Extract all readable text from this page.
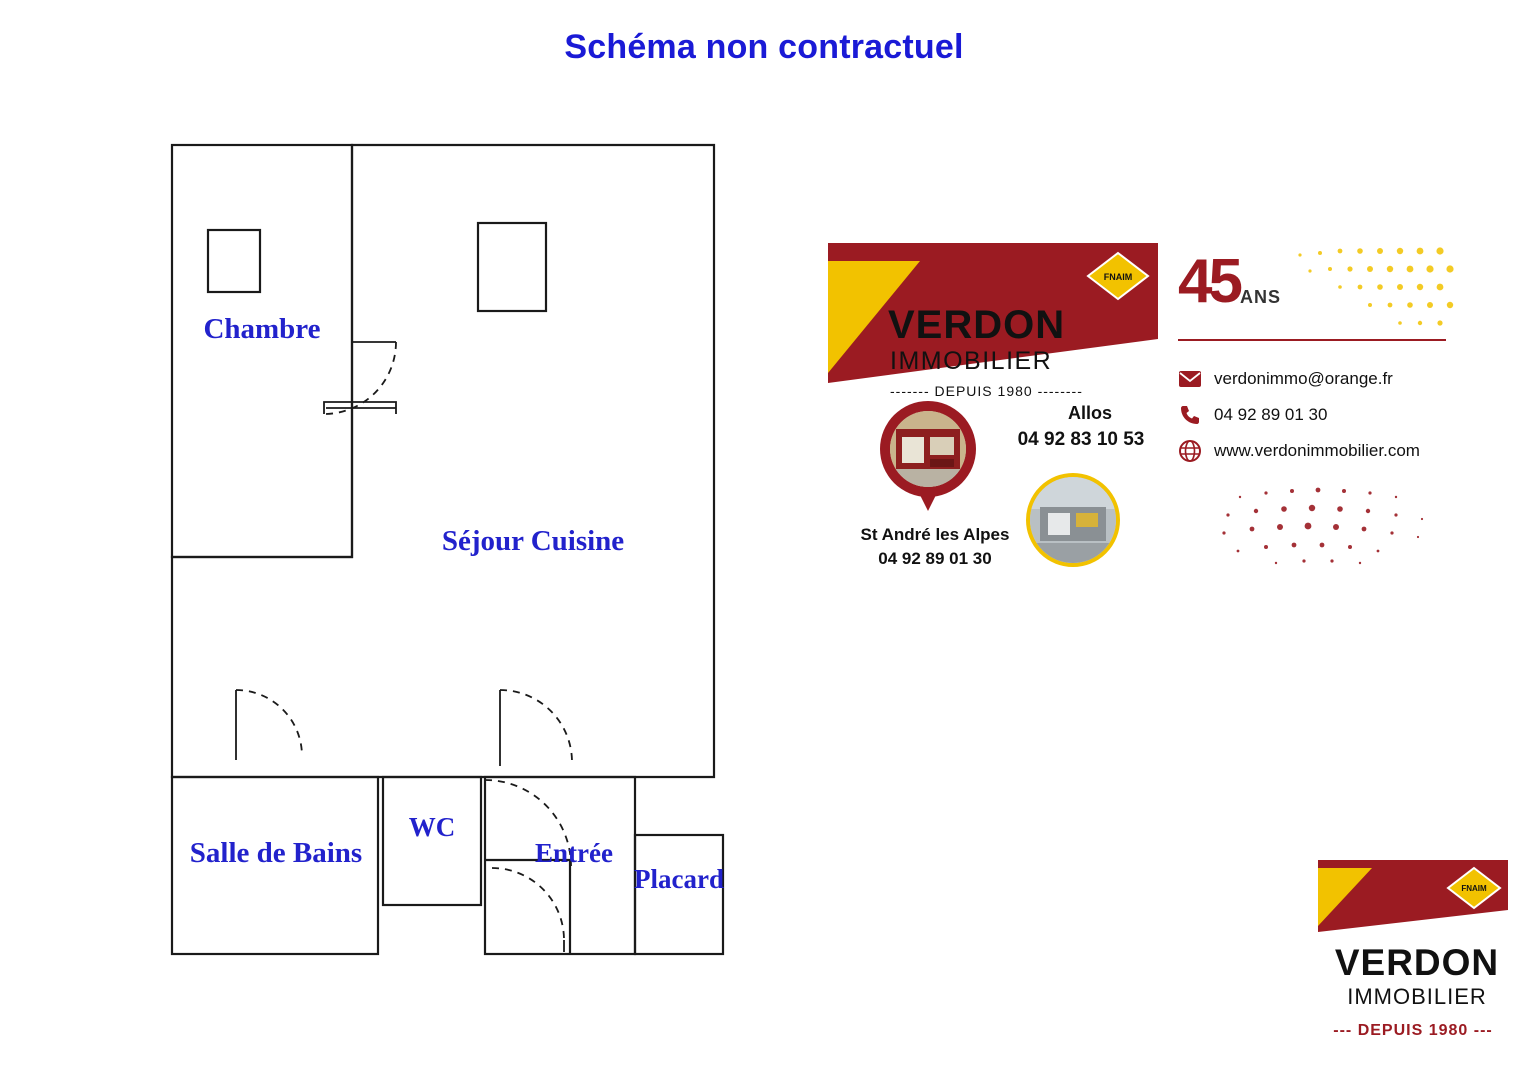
Schéma non contractuel
Chambre
Séjour Cuisine
Salle de Bains
WC
Entrée
Placard
FNAIM
VERDON
IMMOBILIER
------- DEPUIS 1980 --------
Allos
04 92 83 10 53
St André les Alpes
04 92 89 01 30
45 ANS
verdonimmo@orange.fr
04 92 89 01 30
www.verdonimmobilier.com
FNAIM
VERDON
IMMOBILIER
--- DEPUIS 1980 ---
